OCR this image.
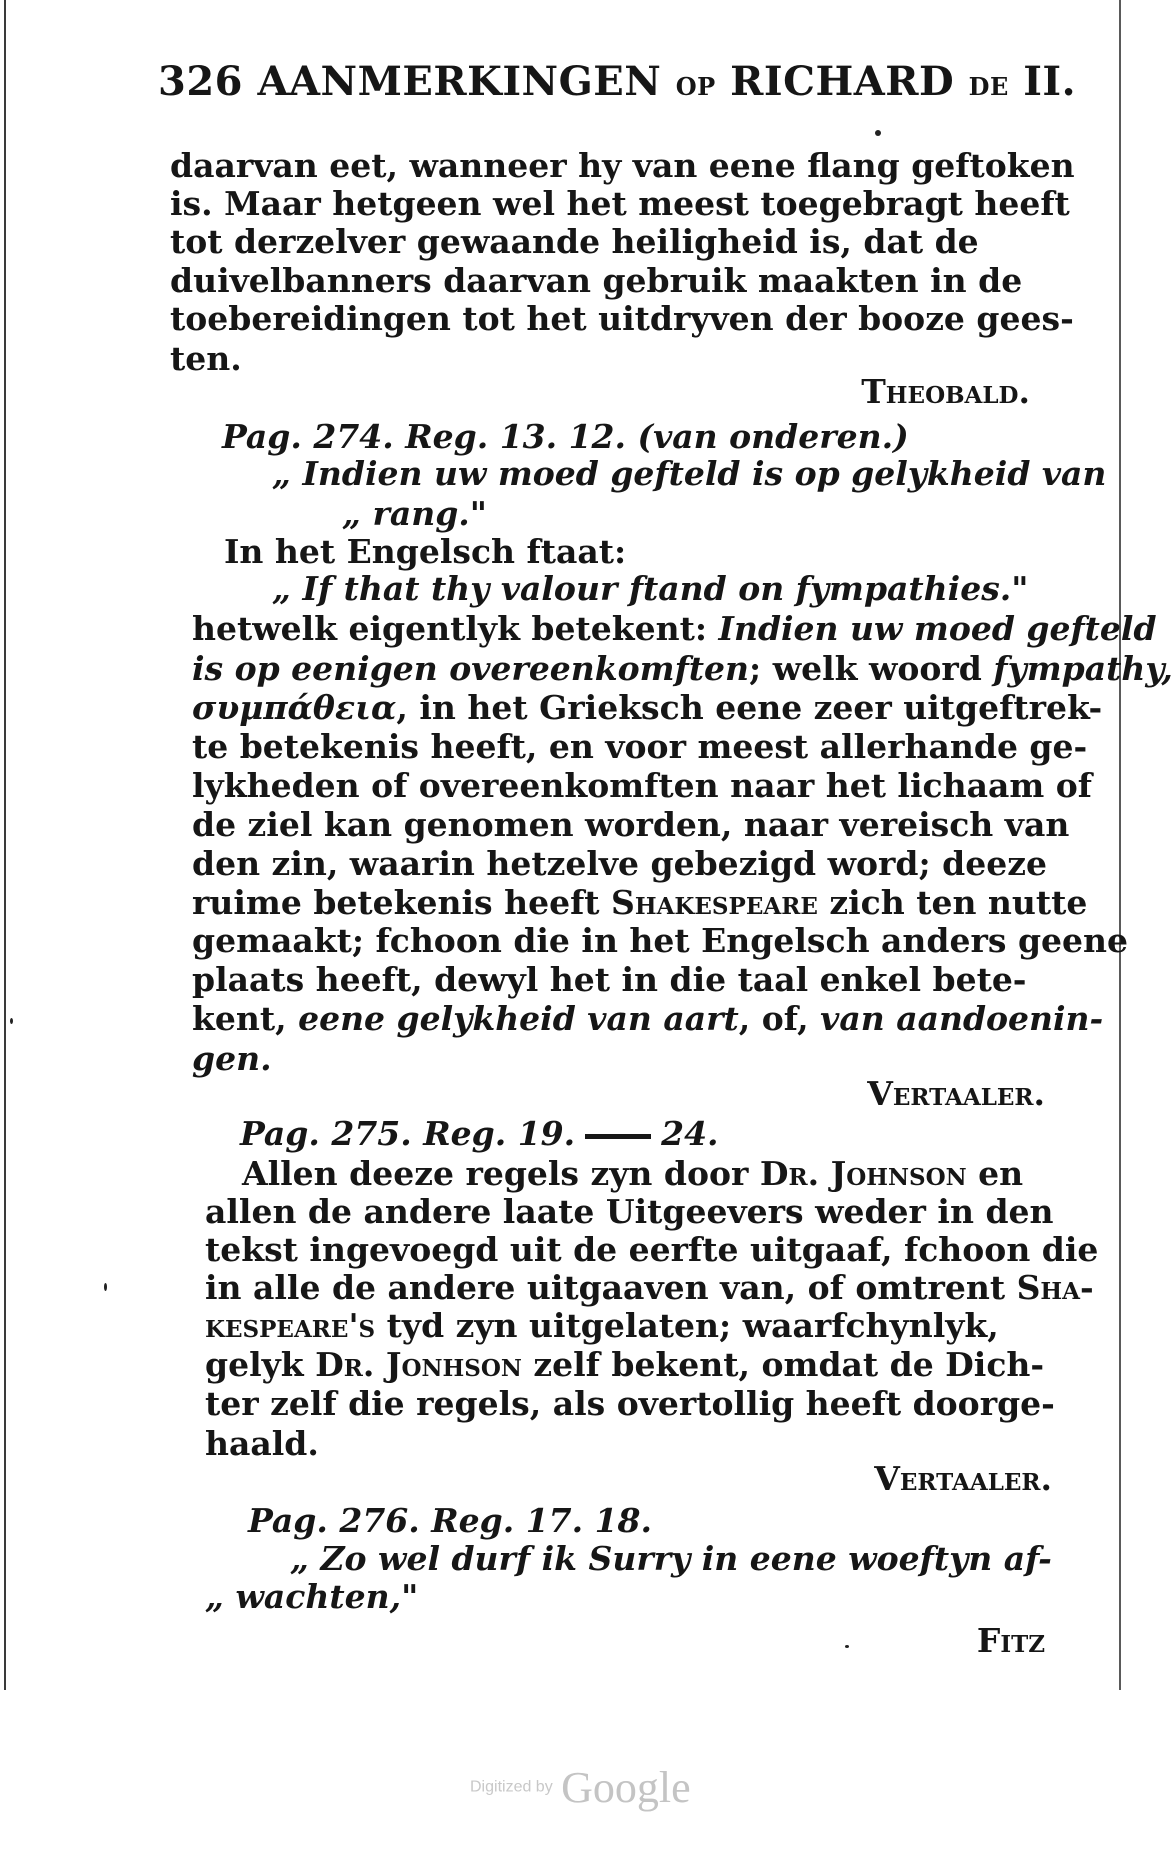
326 AANMERKINGEN OP RICHARD DE II.
daarvan eet, wanneer hy van eene flang geftoken
is. Maar hetgeen wel het meest toegebragt heeft
tot derzelver gewaande heiligheid is, dat de
duivelbanners daarvan gebruik maakten in de
toebereidingen tot het uitdryven der booze gees-
ten.
Theobald.
Pag. 274. Reg. 13. 12. (van onderen.)
„ Indien uw moed gefteld is op gelykheid van
„ rang."
In het Engelsch ftaat:
„ If that thy valour ftand on fympathies."
hetwelk eigentlyk betekent: Indien uw moed gefteld
is op eenigen overeenkomften; welk woord fympathy,
συμπάθεια, in het Grieksch eene zeer uitgeftrek-
te betekenis heeft, en voor meest allerhande ge-
lykheden of overeenkomften naar het lichaam of
de ziel kan genomen worden, naar vereisch van
den zin, waarin hetzelve gebezigd word; deeze
ruime betekenis heeft Shakespeare zich ten nutte
gemaakt; fchoon die in het Engelsch anders geene
plaats heeft, dewyl het in die taal enkel bete-
kent, eene gelykheid van aart, of, van aandoenin-
gen.
Vertaaler.
Pag. 275. Reg. 19.	24.
Allen deeze regels zyn door Dr. Johnson en
allen de andere laate Uitgeevers weder in den
tekst ingevoegd uit de eerfte uitgaaf, fchoon die
in alle de andere uitgaaven van, of omtrent Sha-
kespeare's tyd zyn uitgelaten; waarfchynlyk,
gelyk Dr. Jonhson zelf bekent, omdat de Dich-
ter zelf die regels, als overtollig heeft doorge-
haald.
Vertaaler.
Pag. 276. Reg. 17. 18.
„ Zo wel durf ik Surry in eene woeftyn af-
„ wachten,"
Fitz
Digitized by Google
